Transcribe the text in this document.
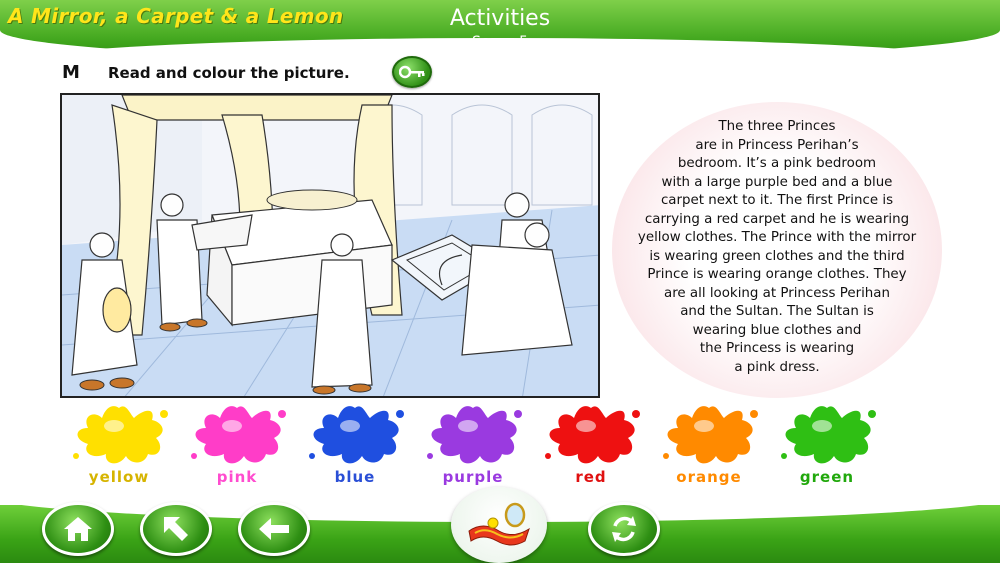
A Mirror, a Carpet & a Lemon	Activities
Scene 5
M Read and colour the picture.
The three Princes
are in Princess Perihan’s
bedroom. It’s a pink bedroom
with a large purple bed and a blue
carpet next to it. The first Prince is
carrying a red carpet and he is wearing
yellow clothes. The Prince with the mirror
is wearing green clothes and the third
Prince is wearing orange clothes. They
are all looking at Princess Perihan
and the Sultan. The Sultan is
wearing blue clothes and
the Princess is wearing
a pink dress.
yellow	pink	blue	purple	red	orange	green
